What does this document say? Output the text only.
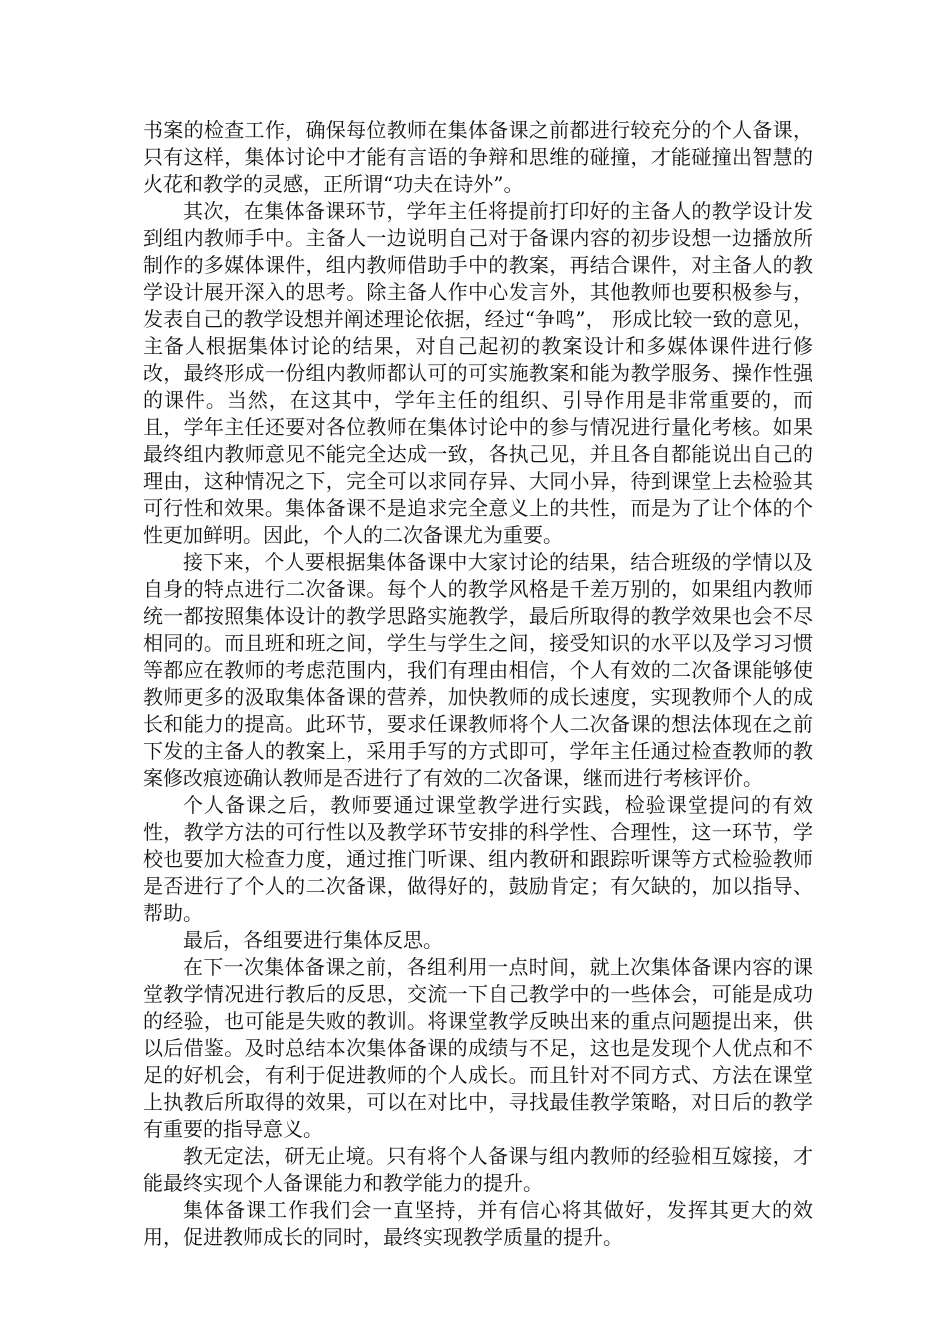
书案的检查工作，确保每位教师在集体备课之前都进行较充分的个人备课，只有这样，集体讨论中才能有言语的争辩和思维的碰撞，才能碰撞出智慧的火花和教学的灵感，正所谓“功夫在诗外”。

其次，在集体备课环节，学年主任将提前打印好的主备人的教学设计发到组内教师手中。主备人一边说明自己对于备课内容的初步设想一边播放所制作的多媒体课件，组内教师借助手中的教案，再结合课件，对主备人的教学设计展开深入的思考。除主备人作中心发言外，其他教师也要积极参与，发表自己的教学设想并阐述理论依据，经过“争鸣”， 形成比较一致的意见，主备人根据集体讨论的结果，对自己起初的教案设计和多媒体课件进行修改，最终形成一份组内教师都认可的可实施教案和能为教学服务、操作性强的课件。当然，在这其中，学年主任的组织、引导作用是非常重要的，而且，学年主任还要对各位教师在集体讨论中的参与情况进行量化考核。如果最终组内教师意见不能完全达成一致，各执己见，并且各自都能说出自己的理由，这种情况之下，完全可以求同存异、大同小异，待到课堂上去检验其可行性和效果。集体备课不是追求完全意义上的共性，而是为了让个体的个性更加鲜明。因此，个人的二次备课尤为重要。

接下来，个人要根据集体备课中大家讨论的结果，结合班级的学情以及自身的特点进行二次备课。每个人的教学风格是千差万别的，如果组内教师统一都按照集体设计的教学思路实施教学，最后所取得的教学效果也会不尽相同的。而且班和班之间，学生与学生之间，接受知识的水平以及学习习惯等都应在教师的考虑范围内，我们有理由相信，个人有效的二次备课能够使教师更多的汲取集体备课的营养，加快教师的成长速度，实现教师个人的成长和能力的提高。此环节，要求任课教师将个人二次备课的想法体现在之前下发的主备人的教案上，采用手写的方式即可，学年主任通过检查教师的教案修改痕迹确认教师是否进行了有效的二次备课，继而进行考核评价。

个人备课之后，教师要通过课堂教学进行实践，检验课堂提问的有效性，教学方法的可行性以及教学环节安排的科学性、合理性，这一环节，学校也要加大检查力度，通过推门听课、组内教研和跟踪听课等方式检验教师是否进行了个人的二次备课，做得好的，鼓励肯定；有欠缺的，加以指导、帮助。

最后，各组要进行集体反思。

在下一次集体备课之前，各组利用一点时间，就上次集体备课内容的课堂教学情况进行教后的反思，交流一下自己教学中的一些体会，可能是成功的经验，也可能是失败的教训。将课堂教学反映出来的重点问题提出来，供以后借鉴。及时总结本次集体备课的成绩与不足，这也是发现个人优点和不足的好机会，有利于促进教师的个人成长。而且针对不同方式、方法在课堂上执教后所取得的效果，可以在对比中，寻找最佳教学策略，对日后的教学有重要的指导意义。

教无定法，研无止境。只有将个人备课与组内教师的经验相互嫁接，才能最终实现个人备课能力和教学能力的提升。

集体备课工作我们会一直坚持，并有信心将其做好，发挥其更大的效用，促进教师成长的同时，最终实现教学质量的提升。
